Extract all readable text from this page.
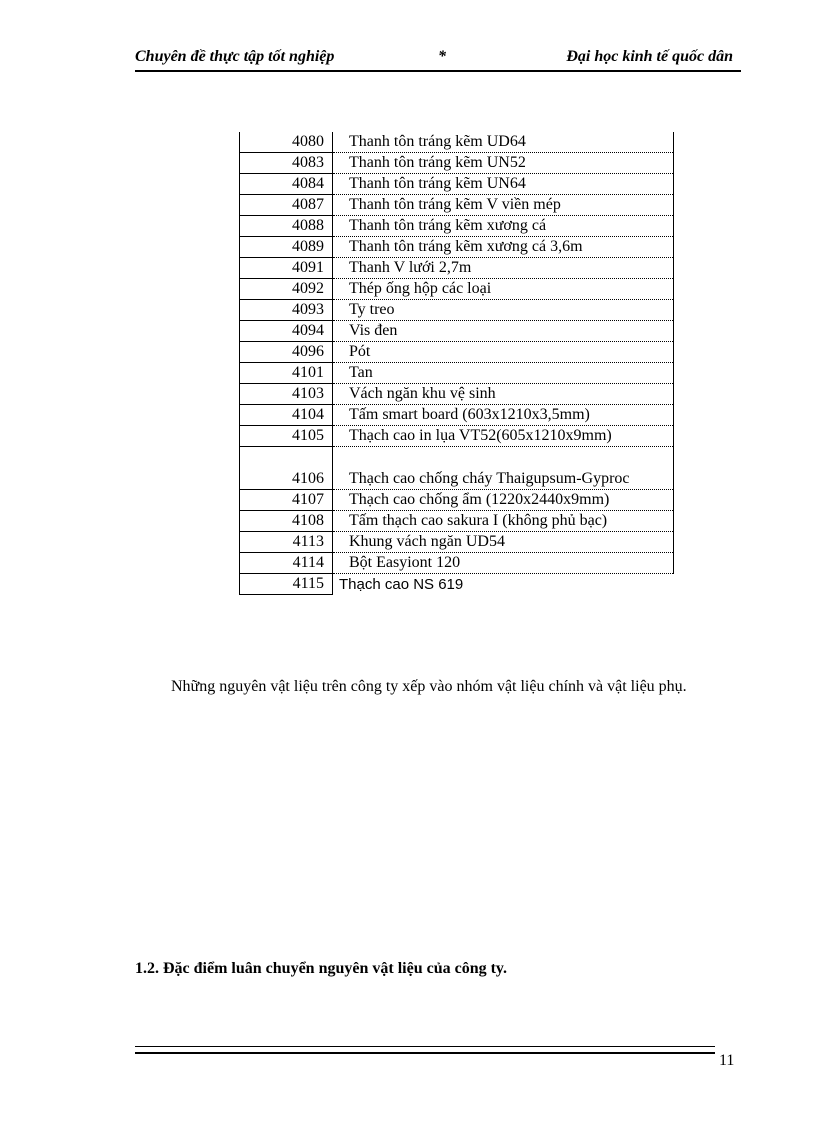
Chuyên đề thực tập tốt nghiệp	*	Đại học kinh tế quốc dân
4080	Thanh tôn tráng kẽm UD64
4083	Thanh tôn tráng kẽm UN52
4084	Thanh tôn tráng kẽm UN64
4087	Thanh tôn tráng kẽm V viền mép
4088	Thanh tôn tráng kẽm xương cá
4089	Thanh tôn tráng kẽm xương cá 3,6m
4091	Thanh V lưới 2,7m
4092	Thép ống hộp các loại
4093	Ty treo
4094	Vis đen
4096	Pót
4101	Tan
4103	Vách ngăn khu vệ sinh
4104	Tấm smart board (603x1210x3,5mm)
4105	Thạch cao in lụa VT52(605x1210x9mm)
4106	Thạch cao chống cháy Thaigupsum-Gyproc
4107	Thạch cao chống ẩm (1220x2440x9mm)
4108	Tấm thạch cao sakura I (không phủ bạc)
4113	Khung vách ngăn UD54
4114	Bột Easyiont 120
4115	Thạch cao NS 619

Những nguyên vật liệu trên công ty xếp vào nhóm vật liệu chính và vật liệu phụ.

1.2. Đặc điểm luân chuyển nguyên vật liệu của công ty.

11
